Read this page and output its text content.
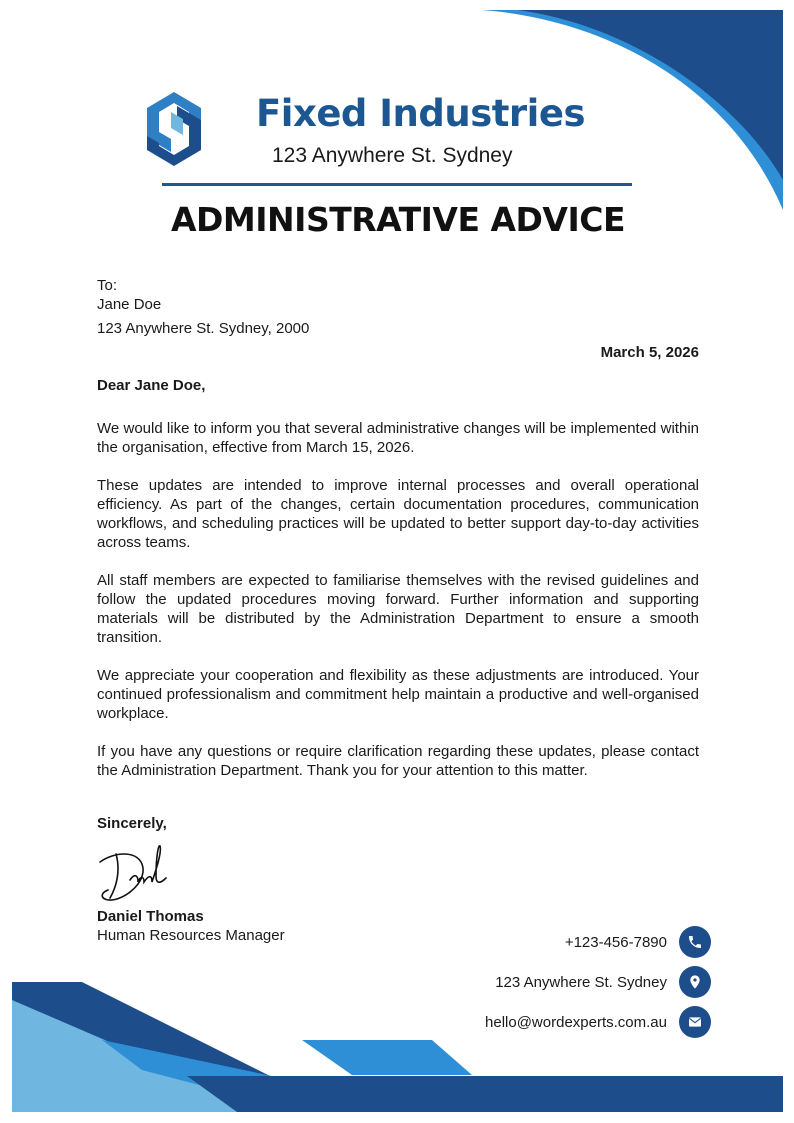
Fixed Industries
123 Anywhere St. Sydney
ADMINISTRATIVE ADVICE
To:
Jane Doe
123 Anywhere St. Sydney, 2000
March 5, 2026
Dear Jane Doe,
We would like to inform you that several administrative changes will be implemented within the organisation, effective from March 15, 2026.
These updates are intended to improve internal processes and overall operational efficiency. As part of the changes, certain documentation procedures, communication workflows, and scheduling practices will be updated to better support day-to-day activities across teams.
All staff members are expected to familiarise themselves with the revised guidelines and follow the updated procedures moving forward. Further information and supporting materials will be distributed by the Administration Department to ensure a smooth transition.
We appreciate your cooperation and flexibility as these adjustments are introduced. Your continued professionalism and commitment help maintain a productive and well-organised workplace.
If you have any questions or require clarification regarding these updates, please contact the Administration Department. Thank you for your attention to this matter.
Sincerely,
Daniel Thomas
Human Resources Manager	+123-456-7890
123 Anywhere St. Sydney
hello@wordexperts.com.au
